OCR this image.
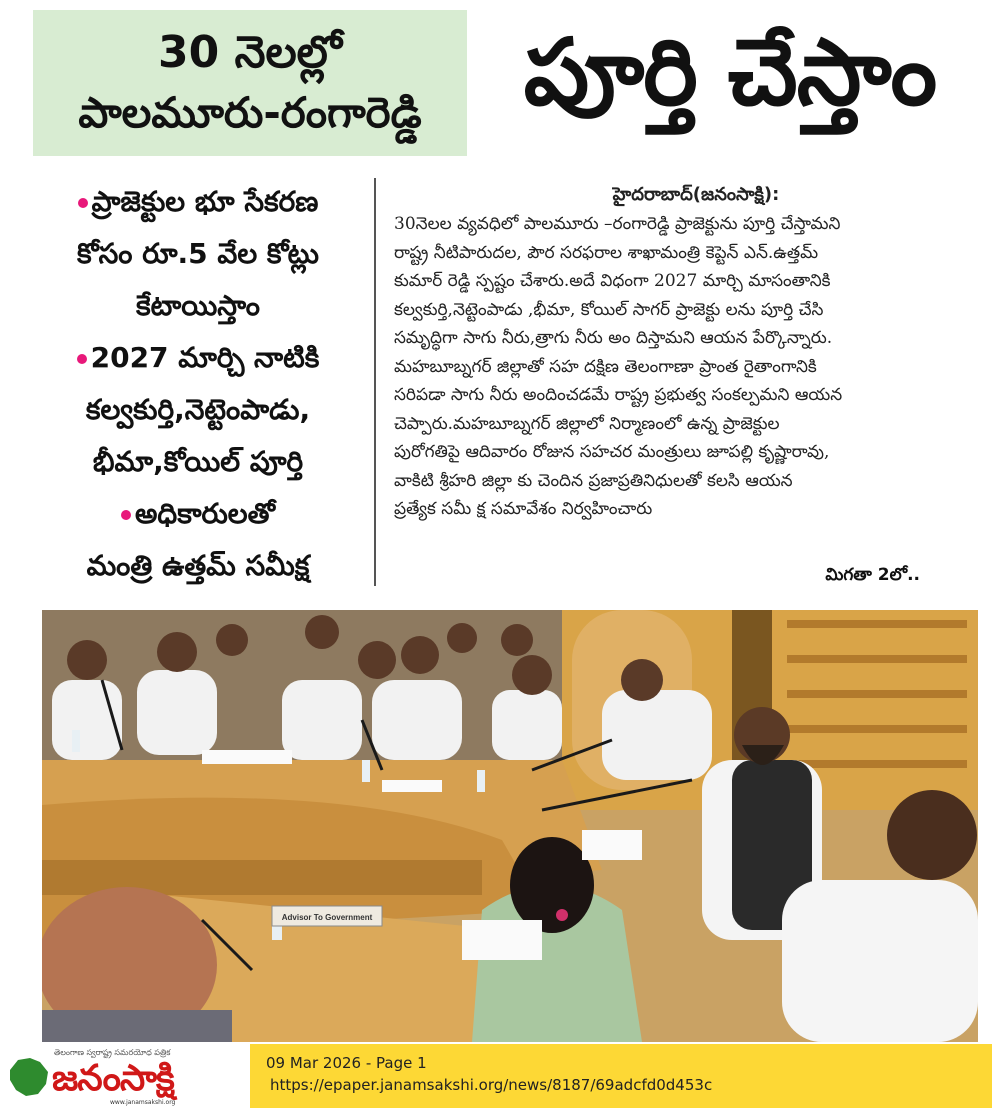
30 నెలల్లో
పాలమూరు-రంగారెడ్డి	పూర్తి చేస్తాం
ప్రాజెక్టుల భూ సేకరణ
కోసం రూ.5 వేల కోట్లు
కేటాయిస్తాం
2027 మార్చి నాటికి
కల్వకుర్తి,నెట్టెంపాడు,
భీమా,కోయిల్ పూర్తి
అధికారులతో
మంత్రి ఉత్తమ్ సమీక్ష
హైదరాబాద్(జనంసాక్షి):
30నెలల వ్యవధిలో పాలమూరు –రంగారెడ్డి ప్రాజెక్టును పూర్తి చేస్తామని
రాష్ట్ర నీటిపారుదల, పౌర సరఫరాల శాఖామంత్రి కెప్టెన్ ఎన్.ఉత్తమ్
కుమార్ రెడ్డి స్పష్టం చేశారు.అదే విధంగా 2027 మార్చి మాసంతానికి
కల్వకుర్తి,నెట్టెంపాడు ,భీమా, కోయిల్ సాగర్ ప్రాజెక్టు లను పూర్తి చేసి
సమృద్ధిగా సాగు నీరు,త్రాగు నీరు అం దిస్తామని ఆయన పేర్కొన్నారు.
మహబూబ్నగర్ జిల్లాతో సహ దక్షిణ తెలంగాణా ప్రాంత రైతాంగానికి
సరిపడా సాగు నీరు అందించడమే రాష్ట్ర ప్రభుత్వ సంకల్పమని ఆయన
చెప్పారు.మహబూబ్నగర్ జిల్లాలో నిర్మాణంలో ఉన్న ప్రాజెక్టుల
పురోగతిపై ఆదివారం రోజున సహచర మంత్రులు జూపల్లి కృష్ణారావు,
వాకిటి శ్రీహరి జిల్లా కు చెందిన ప్రజాప్రతినిధులతో కలసి ఆయన
ప్రత్యేక సమీ క్ష సమావేశం నిర్వహించారు
మిగతా 2లో..
Advisor To Government
తెలంగాణ స్వరాష్ట్ర సమరయోధ పత్రిక
జనంసాక్షి
www.janamsakshi.org
09 Mar 2026 - Page 1
https://epaper.janamsakshi.org/news/8187/69adcfd0d453c
